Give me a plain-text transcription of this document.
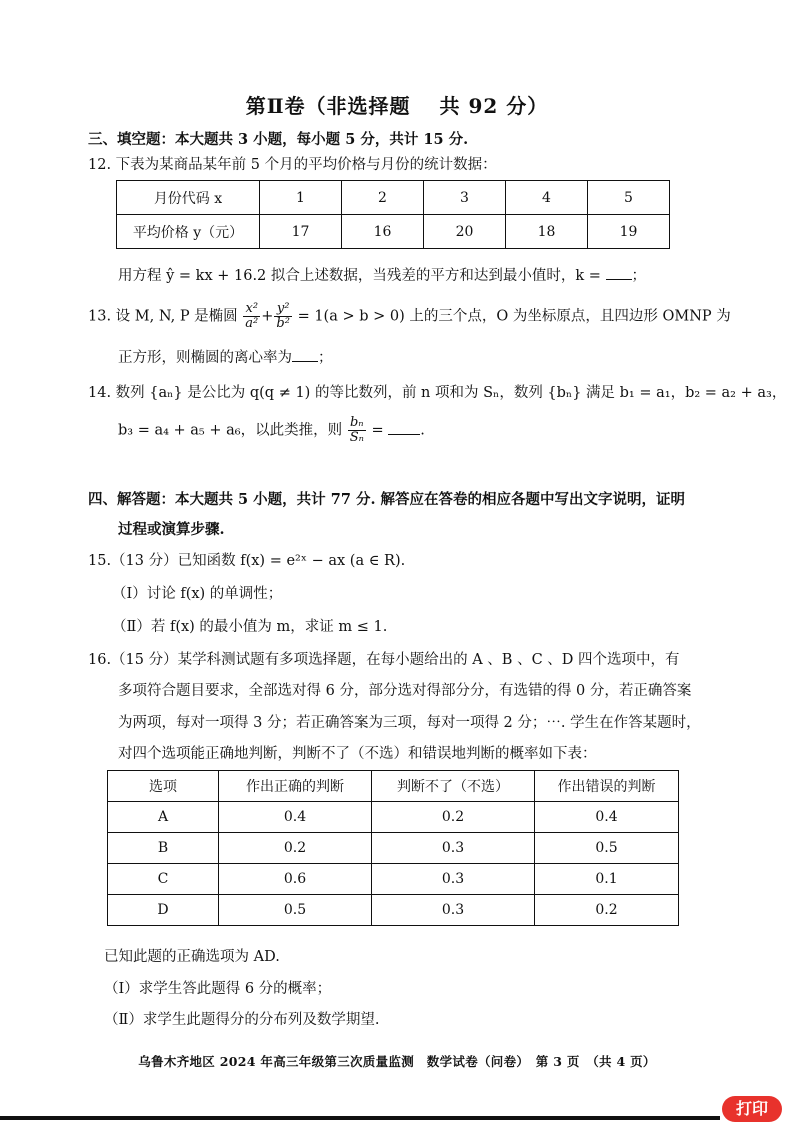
第Ⅱ卷（非选择题　 共 92 分）
三、填空题：本大题共 3 小题，每小题 5 分，共计 15 分.
12. 下表为某商品某年前 5 个月的平均价格与月份的统计数据：
月份代码 x	1	2	3	4	5
平均价格 y（元）	17	16	20	18	19
用方程 ŷ = kx + 16.2 拟合上述数据，当残差的平方和达到最小值时，k = ；
13. 设 M, N, P 是椭圆 $\frac{\text{x²}}{\text{a²}} + \frac{\text{y²}}{\text{b²}} = 1(a > b > 0)$ 上的三个点，O 为坐标原点，且四边形 OMNP 为
正方形，则椭圆的离心率为 ；
14. 数列 {aₙ} 是公比为 q(q ≠ 1) 的等比数列，前 n 项和为 Sₙ，数列 {bₙ} 满足 b₁ = a₁，b₂ = a₂ + a₃，
b₃ = a₄ + a₅ + a₆，以此类推，则 $\frac{\text{bₙ}}{\text{Sₙ}}$ =	.
四、解答题：本大题共 5 小题，共计 77 分. 解答应在答卷的相应各题中写出文字说明，证明
过程或演算步骤.
15.（13 分）已知函数 f(x) = e²ˣ − ax (a ∈ R).
（Ⅰ）讨论 f(x) 的单调性；
（Ⅱ）若 f(x) 的最小值为 m，求证 m ≤ 1.
16.（15 分）某学科测试题有多项选择题，在每小题给出的 A 、B 、C 、D 四个选项中，有
多项符合题目要求，全部选对得 6 分，部分选对得部分分，有选错的得 0 分，若正确答案
为两项，每对一项得 3 分；若正确答案为三项，每对一项得 2 分；⋯. 学生在作答某题时，
对四个选项能正确地判断，判断不了（不选）和错误地判断的概率如下表：
选项	作出正确的判断	判断不了（不选）	作出错误的判断
A	0.4	0.2	0.4
B	0.2	0.3	0.5
C	0.6	0.3	0.1
D	0.5	0.3	0.2
已知此题的正确选项为 AD.
（Ⅰ）求学生答此题得 6 分的概率；
（Ⅱ）求学生此题得分的分布列及数学期望.
乌鲁木齐地区 2024 年高三年级第三次质量监测　数学试卷（问卷）　第 3 页　（共 4 页）
打印
